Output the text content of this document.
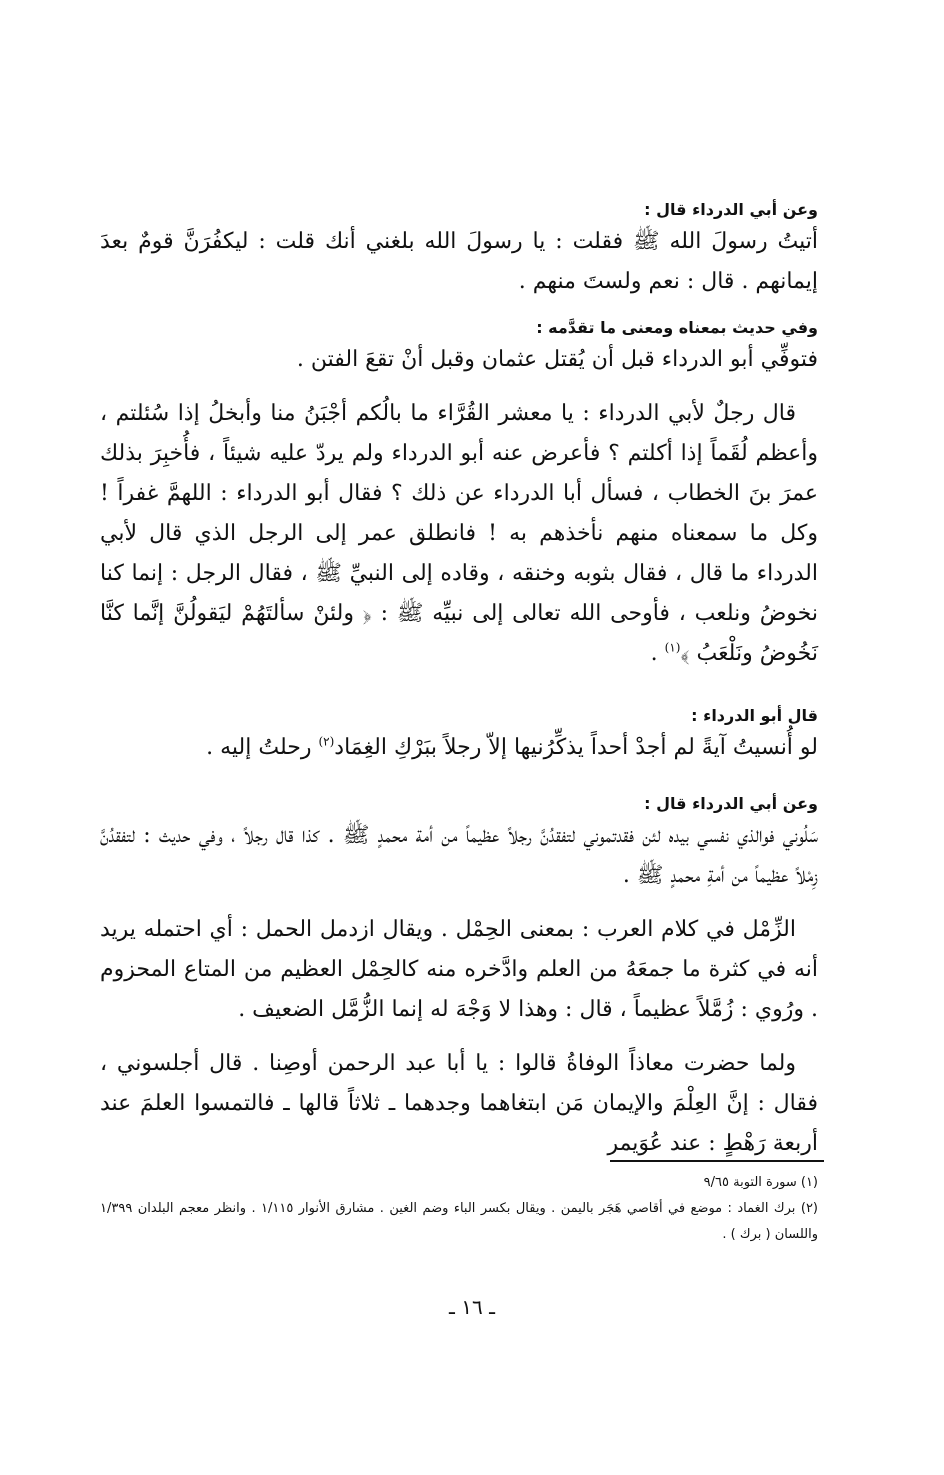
وعن أبي الدرداء قال :

أتيتُ رسولَ الله ﷺ فقلت : يا رسولَ الله بلغني أنك قلت : ليكفُرَنَّ قومٌ بعدَ إيمانهم . قال : نعم ولستَ منهم .

وفي حديث بمعناه ومعنى ما تقدَّمه :

فتوفِّي أبو الدرداء قبل أن يُقتل عثمان وقبل أنْ تقعَ الفتن .

قال رجلٌ لأبي الدرداء : يا معشر القُرَّاء ما بالُكم أجْبَنُ منا وأبخلُ إذا سُئلتم ، وأعظم لُقَماً إذا أكلتم ؟ فأعرض عنه أبو الدرداء ولم يردّ عليه شيئاً ، فأُخبِرَ بذلك عمرَ بنَ الخطاب ، فسأل أبا الدرداء عن ذلك ؟ فقال أبو الدرداء : اللهمَّ غفراً ! وكل ما سمعناه منهم نأخذهم به ! فانطلق عمر إلى الرجل الذي قال لأبي الدرداء ما قال ، فقال بثوبه وخنقه ، وقاده إلى النبيِّ ﷺ ، فقال الرجل : إنما كنا نخوضُ ونلعب ، فأوحى الله تعالى إلى نبيِّه ﷺ : ﴿ ولئنْ سألتَهُمْ ليَقولُنَّ إنَّما كنَّا نَخُوضُ ونَلْعَبُ ﴾$^{(١)}$ .

قال أبو الدرداء :

لو أُنسيتُ آيةً لم أجدْ أحداً يذكِّرُنيها إلاّ رجلاً ببَرْكِ الغِمَاد$^{(٢)}$ رحلتُ إليه .

وعن أبي الدرداء قال :

سَلُوني فوالذي نفسي بيده لئن فقدتموني لتفقدُنَّ رجلاً عظيماً من أمة محمدٍ ﷺ . كذا قال رجلاً ، وفي حديث : لتفقدُنَّ زِمْلاً عظيماً من أمةِ محمدٍ ﷺ .

الزِّمْل في كلام العرب : بمعنى الحِمْل . ويقال ازدمل الحمل : أي احتمله يريد أنه في كثرة ما جمعَهُ من العلم وادَّخره منه كالحِمْل العظيم من المتاع المحزوم . ورُوي : زُمَّلاً عظيماً ، قال : وهذا لا وَجْهَ له إنما الزُّمَّل الضعيف .

ولما حضرت معاذاً الوفاةُ قالوا : يا أبا عبد الرحمن أوصِنا . قال أجلسوني ، فقال : إنَّ العِلْمَ والإيمان مَن ابتغاهما وجدهما ـ ثلاثاً قالها ـ فالتمسوا العلمَ عند أربعة رَهْطٍ : عند عُوَيمر

(١) سورة التوبة ٩/٦٥

(٢) برك الغماد : موضع في أقاصي هَجَر باليمن . ويقال بكسر الباء وضم الغين . مشارق الأنوار ١/١١٥ . وانظر معجم البلدان ١/٣٩٩ واللسان ( برك ) .

ـ ١٦ ـ
